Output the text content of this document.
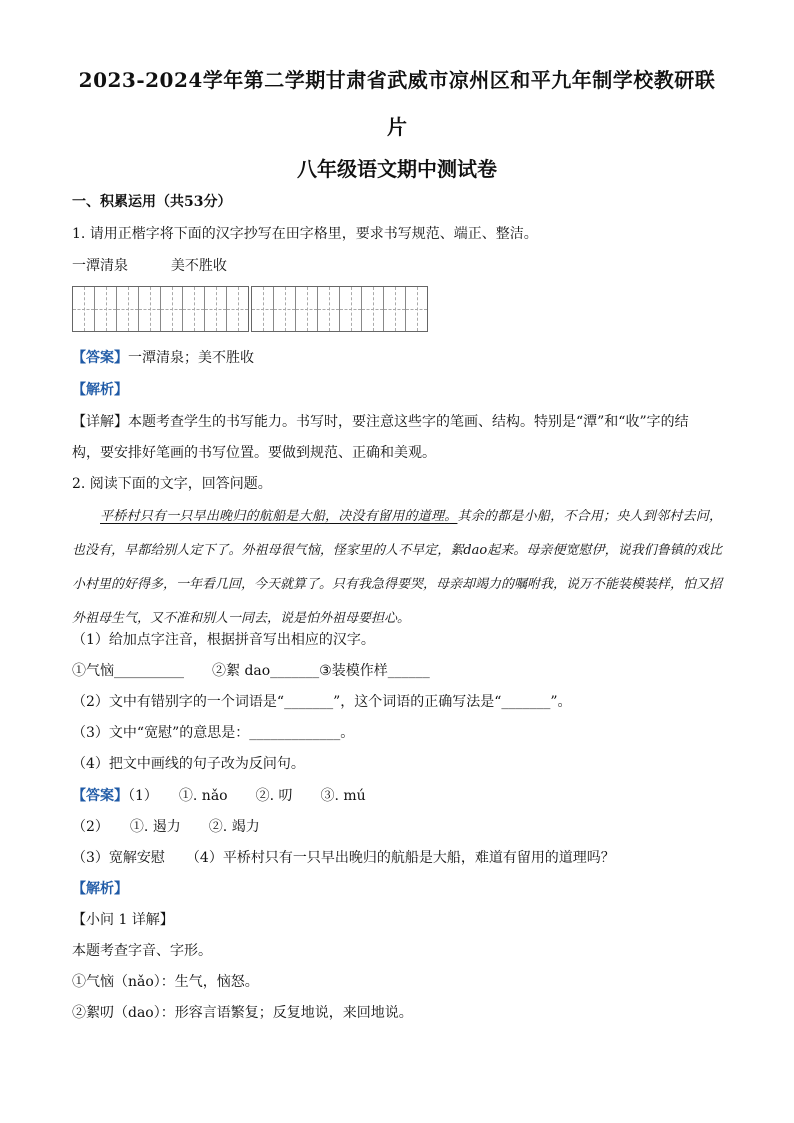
2023-2024学年第二学期甘肃省武威市凉州区和平九年制学校教研联
片
八年级语文期中测试卷
一、积累运用（共53分）
1. 请用正楷字将下面的汉字抄写在田字格里，要求书写规范、端正、整洁。
一潭清泉	美不胜收
【答案】一潭清泉；美不胜收
【解析】
【详解】本题考查学生的书写能力。书写时，要注意这些字的笔画、结构。特别是“潭”和“收”字的结
构，要安排好笔画的书写位置。要做到规范、正确和美观。
2. 阅读下面的文字，回答问题。
平桥村只有一只早出晚归的航船是大船，决没有留用的道理。其余的都是小船，不合用；央人到邻村去问，也没有，早都给别人定下了。外祖母很气恼，怪家里的人不早定，絮dao起来。母亲便宽慰伊，说我们鲁镇的戏比小村里的好得多，一年看几回，今天就算了。只有我急得要哭，母亲却竭力的嘱咐我，说万不能装模装样，怕又招外祖母生气，又不准和别人一同去，说是怕外祖母要担心。
（1）给加点字注音，根据拼音写出相应的汉字。
①气恼__________　　②絮 dao_______③装模作样______
（2）文中有错别字的一个词语是“_______”，这个词语的正确写法是“_______”。
（3）文中“宽慰”的意思是：_____________。
（4）把文中画线的句子改为反问句。
【答案】（1）　　①. nǎo　　②. 叨　　③. mú
（2）　　①. 遏力　　②. 竭力
（3）宽解安慰　　（4）平桥村只有一只早出晚归的航船是大船，难道有留用的道理吗？
【解析】
【小问 1 详解】
本题考查字音、字形。
①气恼（nǎo）：生气，恼怒。
②絮叨（dao）：形容言语繁复；反复地说，来回地说。
